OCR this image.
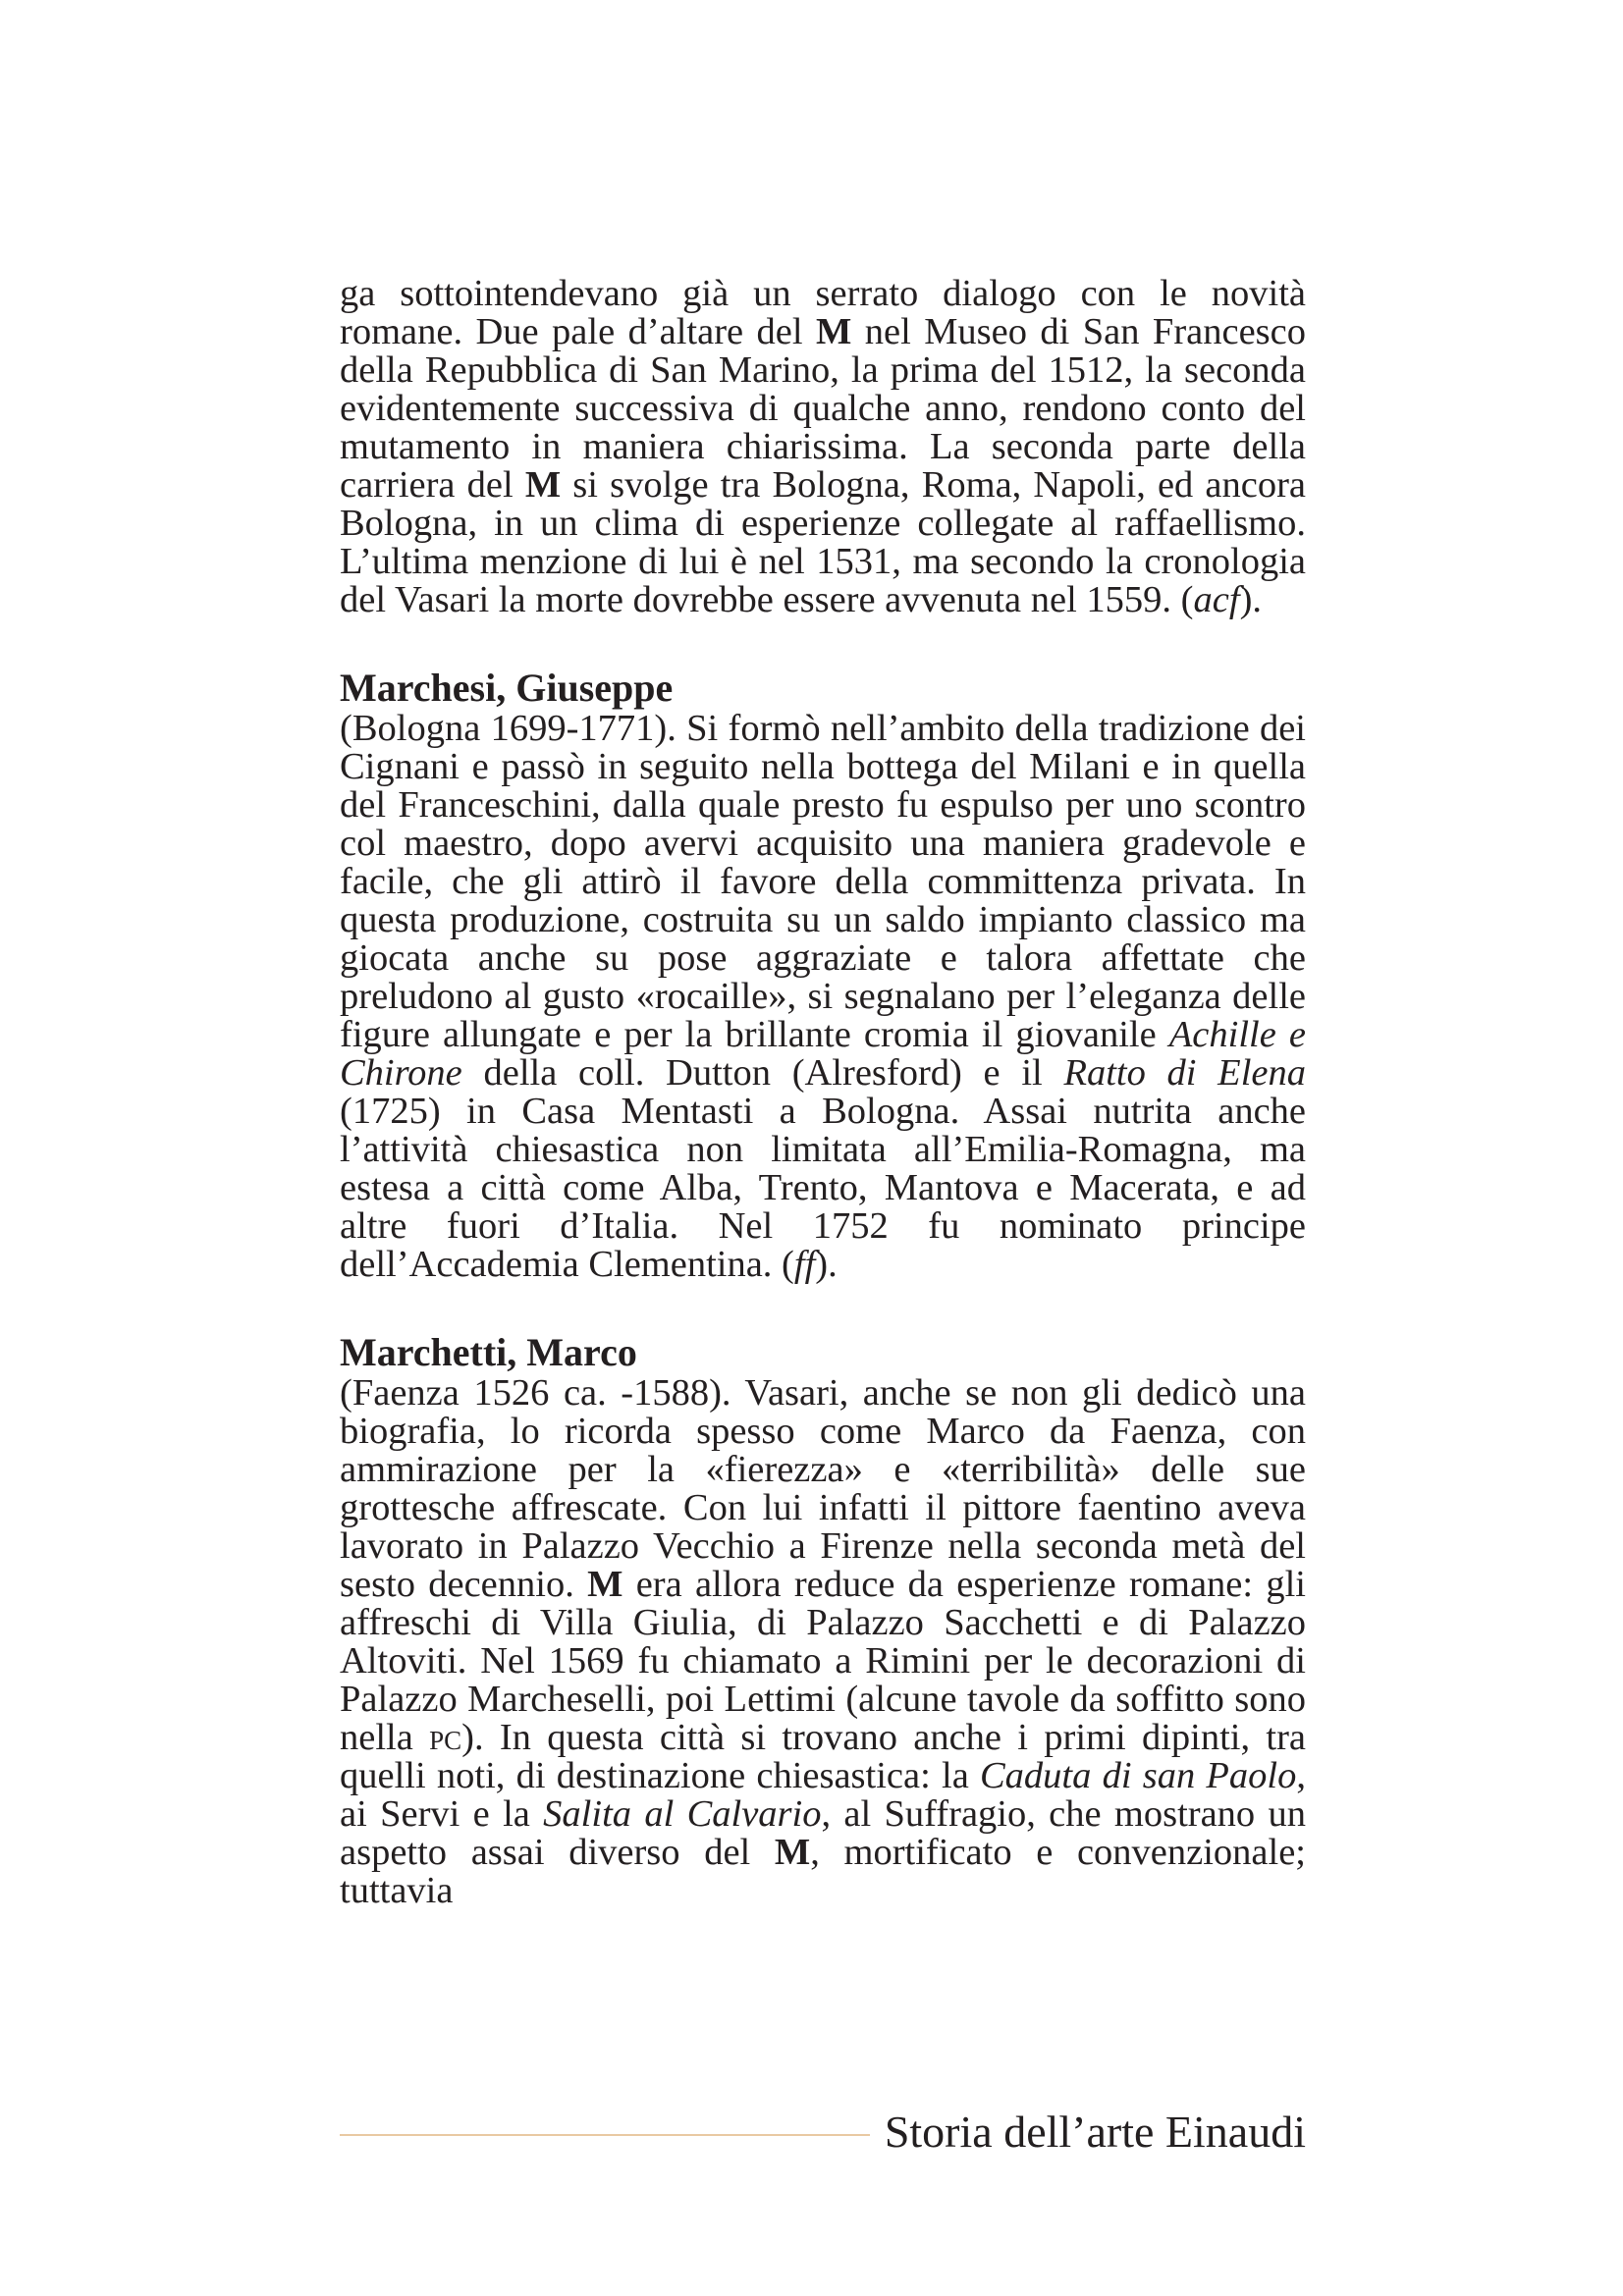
ga sottointendevano già un serrato dialogo con le novità romane. Due pale d’altare del M nel Museo di San Francesco della Repubblica di San Marino, la prima del 1512, la seconda evidentemente successiva di qualche anno, rendono conto del mutamento in maniera chiarissima. La seconda parte della carriera del M si svolge tra Bologna, Roma, Napoli, ed ancora Bologna, in un clima di esperienze collegate al raffaellismo. L’ultima menzione di lui è nel 1531, ma secondo la cronologia del Vasari la morte dovrebbe essere avvenuta nel 1559. (acf).

Marchesi, Giuseppe

(Bologna 1699-1771). Si formò nell’ambito della tradizione dei Cignani e passò in seguito nella bottega del Milani e in quella del Franceschini, dalla quale presto fu espulso per uno scontro col maestro, dopo avervi acquisito una maniera gradevole e facile, che gli attirò il favore della committenza privata. In questa produzione, costruita su un saldo impianto classico ma giocata anche su pose aggraziate e talora affettate che preludono al gusto «rocaille», si segnalano per l’eleganza delle figure allungate e per la brillante cromia il giovanile Achille e Chirone della coll. Dutton (Alresford) e il Ratto di Elena (1725) in Casa Mentasti a Bologna. Assai nutrita anche l’attività chiesastica non limitata all’Emilia-Romagna, ma estesa a città come Alba, Trento, Mantova e Macerata, e ad altre fuori d’Italia. Nel 1752 fu nominato principe dell’Accademia Clementina. (ff).

Marchetti, Marco

(Faenza 1526 ca. -1588). Vasari, anche se non gli dedicò una biografia, lo ricorda spesso come Marco da Faenza, con ammirazione per la «fierezza» e «terribilità» delle sue grottesche affrescate. Con lui infatti il pittore faentino aveva lavorato in Palazzo Vecchio a Firenze nella seconda metà del sesto decennio. M era allora reduce da esperienze romane: gli affreschi di Villa Giulia, di Palazzo Sacchetti e di Palazzo Altoviti. Nel 1569 fu chiamato a Rimini per le decorazioni di Palazzo Marcheselli, poi Lettimi (alcune tavole da soffitto sono nella pc). In questa città si trovano anche i primi dipinti, tra quelli noti, di destinazione chiesastica: la Caduta di san Paolo, ai Servi e la Salita al Calvario, al Suffragio, che mostrano un aspetto assai diverso del M, mortificato e convenzionale; tuttavia

Storia dell’arte Einaudi
